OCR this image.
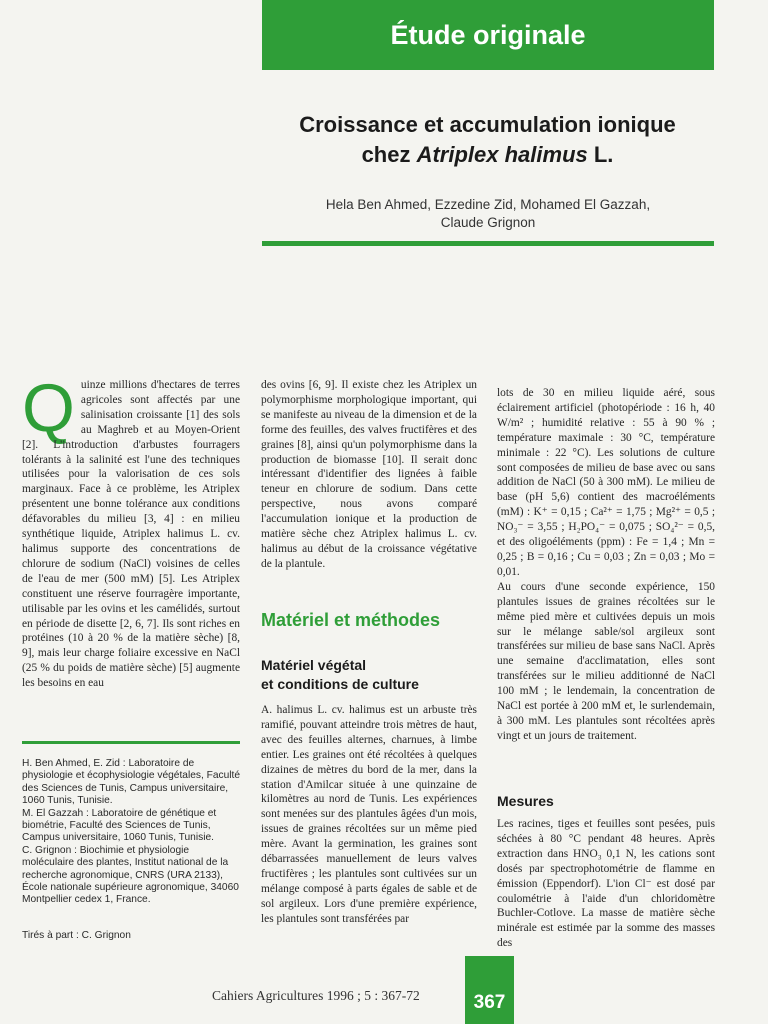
Étude originale
Croissance et accumulation ionique
chez Atriplex halimus L.
Hela Ben Ahmed, Ezzedine Zid, Mohamed El Gazzah,
Claude Grignon
Q uinze millions d'hectares de terres agricoles sont affectés par une salinisation croissante [1] des sols au Maghreb et au Moyen-Orient [2]. L'introduction d'arbustes fourragers tolérants à la salinité est l'une des techniques utilisées pour la valorisation de ces sols marginaux. Face à ce problème, les Atriplex présentent une bonne tolérance aux conditions défavorables du milieu [3, 4] : en milieu synthétique liquide, Atriplex halimus L. cv. halimus supporte des concentrations de chlorure de sodium (NaCl) voisines de celles de l'eau de mer (500 mM) [5]. Les Atriplex constituent une réserve fourragère importante, utilisable par les ovins et les camélidés, surtout en période de disette [2, 6, 7]. Ils sont riches en protéines (10 à 20 % de la matière sèche) [8, 9], mais leur charge foliaire excessive en NaCl (25 % du poids de matière sèche) [5] augmente les besoins en eau

H. Ben Ahmed, E. Zid : Laboratoire de physiologie et écophysiologie végétales, Faculté des Sciences de Tunis, Campus universitaire, 1060 Tunis, Tunisie.

M. El Gazzah : Laboratoire de génétique et biométrie, Faculté des Sciences de Tunis, Campus universitaire, 1060 Tunis, Tunisie.

C. Grignon : Biochimie et physiologie moléculaire des plantes, Institut national de la recherche agronomique, CNRS (URA 2133), École nationale supérieure agronomique, 34060 Montpellier cedex 1, France.

Tirés à part : C. Grignon
des ovins [6, 9]. Il existe chez les Atriplex un polymorphisme morphologique important, qui se manifeste au niveau de la dimension et de la forme des feuilles, des valves fructifères et des graines [8], ainsi qu'un polymorphisme dans la production de biomasse [10]. Il serait donc intéressant d'identifier des lignées à faible teneur en chlorure de sodium. Dans cette perspective, nous avons comparé l'accumulation ionique et la production de matière sèche chez Atriplex halimus L. cv. halimus au début de la croissance végétative de la plantule.
Matériel et méthodes
Matériel végétal
et conditions de culture
A. halimus L. cv. halimus est un arbuste très ramifié, pouvant atteindre trois mètres de haut, avec des feuilles alternes, charnues, à limbe entier. Les graines ont été récoltées à quelques dizaines de mètres du bord de la mer, dans la station d'Amilcar située à une quinzaine de kilomètres au nord de Tunis. Les expériences sont menées sur des plantules âgées d'un mois, issues de graines récoltées sur un même pied mère. Avant la germination, les graines sont débarrassées manuellement de leurs valves fructifères ; les plantules sont cultivées sur un mélange composé à parts égales de sable et de sol argileux. Lors d'une première expérience, les plantules sont transférées par

lots de 30 en milieu liquide aéré, sous éclairement artificiel (photopériode : 16 h, 40 W/m² ; humidité relative : 55 à 90 % ; température maximale : 30 °C, température minimale : 22 °C). Les solutions de culture sont composées de milieu de base avec ou sans addition de NaCl (50 à 300 mM). Le milieu de base (pH 5,6) contient des macroéléments (mM) : K⁺ = 0,15 ; Ca²⁺ = 1,75 ; Mg²⁺ = 0,5 ; NO₃⁻ = 3,55 ; H₂PO₄⁻ = 0,075 ; SO₄²⁻ = 0,5, et des oligoéléments (ppm) : Fe = 1,4 ; Mn = 0,25 ; B = 0,16 ; Cu = 0,03 ; Zn = 0,03 ; Mo = 0,01.

Au cours d'une seconde expérience, 150 plantules issues de graines récoltées sur le même pied mère et cultivées depuis un mois sur le mélange sable/sol argileux sont transférées sur milieu de base sans NaCl. Après une semaine d'acclimatation, elles sont transférées sur le milieu additionné de NaCl 100 mM ; le lendemain, la concentration de NaCl est portée à 200 mM et, le surlendemain, à 300 mM. Les plantules sont récoltées après vingt et un jours de traitement.

Mesures
Les racines, tiges et feuilles sont pesées, puis séchées à 80 °C pendant 48 heures. Après extraction dans HNO₃ 0,1 N, les cations sont dosés par spectrophotométrie de flamme en émission (Eppendorf). L'ion Cl⁻ est dosé par coulométrie à l'aide d'un chloridomètre Buchler-Cotlove. La masse de matière sèche minérale est estimée par la somme des masses des
Cahiers Agricultures 1996 ; 5 : 367-72	367
